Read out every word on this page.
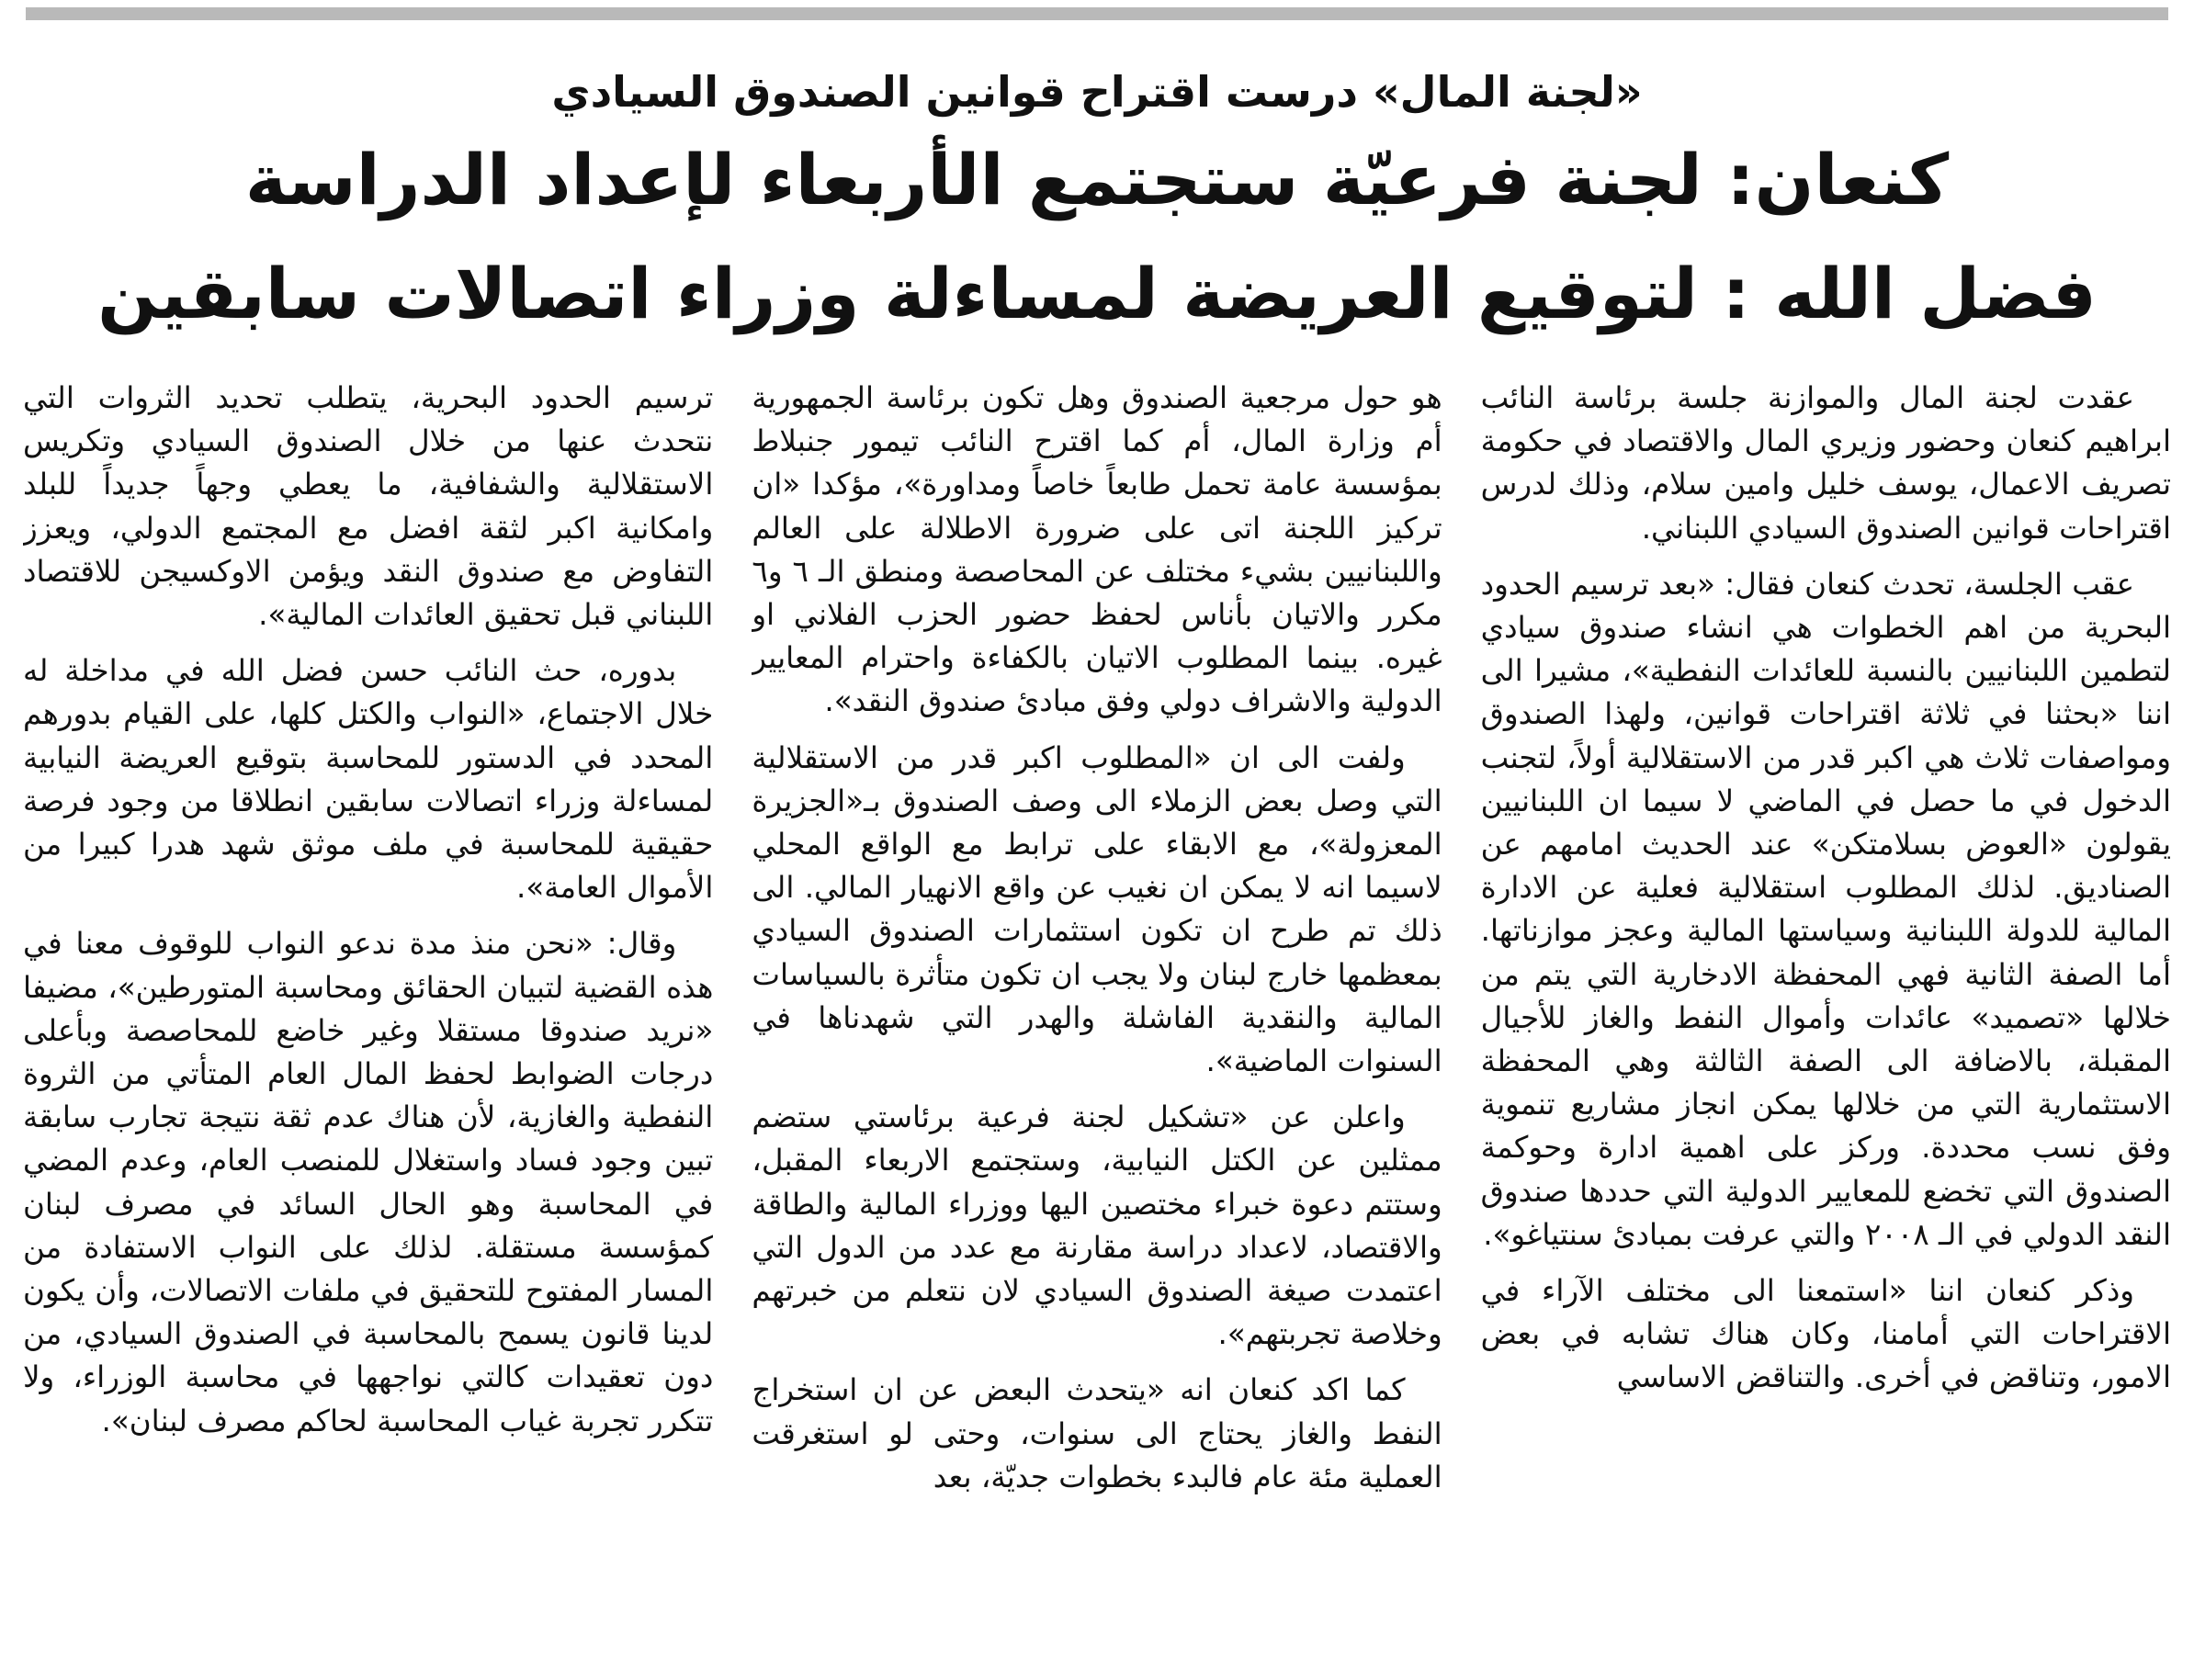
«لجنة المال» درست اقتراح قوانين الصندوق السيادي
كنعان: لجنة فرعيّة ستجتمع الأربعاء لإعداد الدراسة
فضل الله : لتوقيع العريضة لمساءلة وزراء اتصالات سابقين

عقدت لجنة المال والموازنة جلسة برئاسة النائب ابراهيم كنعان وحضور وزيري المال والاقتصاد في حكومة تصريف الاعمال، يوسف خليل وامين سلام، وذلك لدرس اقتراحات قوانين الصندوق السيادي اللبناني.

عقب الجلسة، تحدث كنعان فقال: «بعد ترسيم الحدود البحرية من اهم الخطوات هي انشاء صندوق سيادي لتطمين اللبنانيين بالنسبة للعائدات النفطية»، مشيرا الى اننا «بحثنا في ثلاثة اقتراحات قوانين، ولهذا الصندوق ومواصفات ثلاث هي اكبر قدر من الاستقلالية أولاً، لتجنب الدخول في ما حصل في الماضي لا سيما ان اللبنانيين يقولون «العوض بسلامتكن» عند الحديث امامهم عن الصناديق. لذلك المطلوب استقلالية فعلية عن الادارة المالية للدولة اللبنانية وسياستها المالية وعجز موازناتها. أما الصفة الثانية فهي المحفظة الادخارية التي يتم من خلالها «تصميد» عائدات وأموال النفط والغاز للأجيال المقبلة، بالاضافة الى الصفة الثالثة وهي المحفظة الاستثمارية التي من خلالها يمكن انجاز مشاريع تنموية وفق نسب محددة. وركز على اهمية ادارة وحوكمة الصندوق التي تخضع للمعايير الدولية التي حددها صندوق النقد الدولي في الـ ٢٠٠٨ والتي عرفت بمبادئ سنتياغو».

وذكر كنعان اننا «استمعنا الى مختلف الآراء في الاقتراحات التي أمامنا، وكان هناك تشابه في بعض الامور، وتناقض في أخرى. والتناقض الاساسي

هو حول مرجعية الصندوق وهل تكون برئاسة الجمهورية أم وزارة المال، أم كما اقترح النائب تيمور جنبلاط بمؤسسة عامة تحمل طابعاً خاصاً ومداورة»، مؤكدا «ان تركيز اللجنة اتى على ضرورة الاطلالة على العالم واللبنانيين بشيء مختلف عن المحاصصة ومنطق الـ ٦ و٦ مكرر والاتيان بأناس لحفظ حضور الحزب الفلاني او غيره. بينما المطلوب الاتيان بالكفاءة واحترام المعايير الدولية والاشراف دولي وفق مبادئ صندوق النقد».

ولفت الى ان «المطلوب اكبر قدر من الاستقلالية التي وصل بعض الزملاء الى وصف الصندوق بـ«الجزيرة المعزولة»، مع الابقاء على ترابط مع الواقع المحلي لاسيما انه لا يمكن ان نغيب عن واقع الانهيار المالي. الى ذلك تم طرح ان تكون استثمارات الصندوق السيادي بمعظمها خارج لبنان ولا يجب ان تكون متأثرة بالسياسات المالية والنقدية الفاشلة والهدر التي شهدناها في السنوات الماضية».

واعلن عن «تشكيل لجنة فرعية برئاستي ستضم ممثلين عن الكتل النيابية، وستجتمع الاربعاء المقبل، وستتم دعوة خبراء مختصين اليها ووزراء المالية والطاقة والاقتصاد، لاعداد دراسة مقارنة مع عدد من الدول التي اعتمدت صيغة الصندوق السيادي لان نتعلم من خبرتهم وخلاصة تجربتهم».

كما اكد كنعان انه «يتحدث البعض عن ان استخراج النفط والغاز يحتاج الى سنوات، وحتى لو استغرقت العملية مئة عام فالبدء بخطوات جديّة، بعد

ترسيم الحدود البحرية، يتطلب تحديد الثروات التي نتحدث عنها من خلال الصندوق السيادي وتكريس الاستقلالية والشفافية، ما يعطي وجهاً جديداً للبلد وامكانية اكبر لثقة افضل مع المجتمع الدولي، ويعزز التفاوض مع صندوق النقد ويؤمن الاوكسيجن للاقتصاد اللبناني قبل تحقيق العائدات المالية».

بدوره، حث النائب حسن فضل الله في مداخلة له خلال الاجتماع، «النواب والكتل كلها، على القيام بدورهم المحدد في الدستور للمحاسبة بتوقيع العريضة النيابية لمساءلة وزراء اتصالات سابقين انطلاقا من وجود فرصة حقيقية للمحاسبة في ملف موثق شهد هدرا كبيرا من الأموال العامة».

وقال: «نحن منذ مدة ندعو النواب للوقوف معنا في هذه القضية لتبيان الحقائق ومحاسبة المتورطين»، مضيفا «نريد صندوقا مستقلا وغير خاضع للمحاصصة وبأعلى درجات الضوابط لحفظ المال العام المتأتي من الثروة النفطية والغازية، لأن هناك عدم ثقة نتيجة تجارب سابقة تبين وجود فساد واستغلال للمنصب العام، وعدم المضي في المحاسبة وهو الحال السائد في مصرف لبنان كمؤسسة مستقلة. لذلك على النواب الاستفادة من المسار المفتوح للتحقيق في ملفات الاتصالات، وأن يكون لدينا قانون يسمح بالمحاسبة في الصندوق السيادي، من دون تعقيدات كالتي نواجهها في محاسبة الوزراء، ولا تتكرر تجربة غياب المحاسبة لحاكم مصرف لبنان».
